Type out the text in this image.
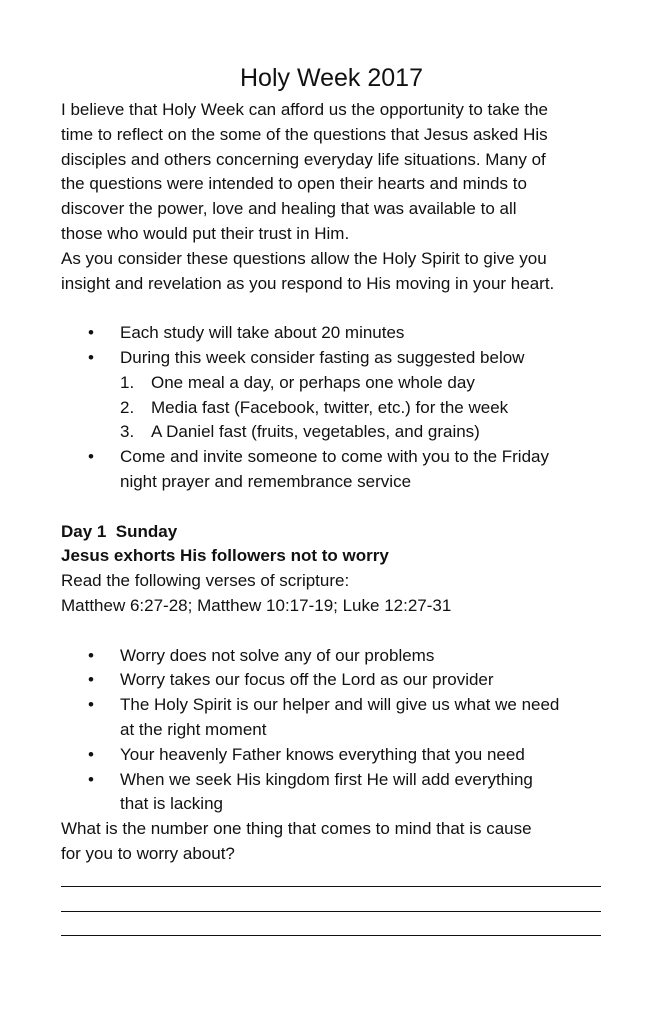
Holy Week 2017

I believe that Holy Week can afford us the opportunity to take the
time to reflect on the some of the questions that Jesus asked His
disciples and others concerning everyday life situations. Many of
the questions were intended to open their hearts and minds to
discover the power, love and healing that was available to all
those who would put their trust in Him.
As you consider these questions allow the Holy Spirit to give you
insight and revelation as you respond to His moving in your heart.

• Each study will take about 20 minutes
• During this week consider fasting as suggested below
1. One meal a day, or perhaps one whole day
2. Media fast (Facebook, twitter, etc.) for the week
3. A Daniel fast (fruits, vegetables, and grains)
• Come and invite someone to come with you to the Friday
night prayer and remembrance service

Day 1  Sunday

Jesus exhorts His followers not to worry

Read the following verses of scripture:

Matthew 6:27-28; Matthew 10:17-19; Luke 12:27-31

• Worry does not solve any of our problems
• Worry takes our focus off the Lord as our provider
• The Holy Spirit is our helper and will give us what we need
at the right moment
• Your heavenly Father knows everything that you need
• When we seek His kingdom first He will add everything
that is lacking

What is the number one thing that comes to mind that is cause
for you to worry about?
